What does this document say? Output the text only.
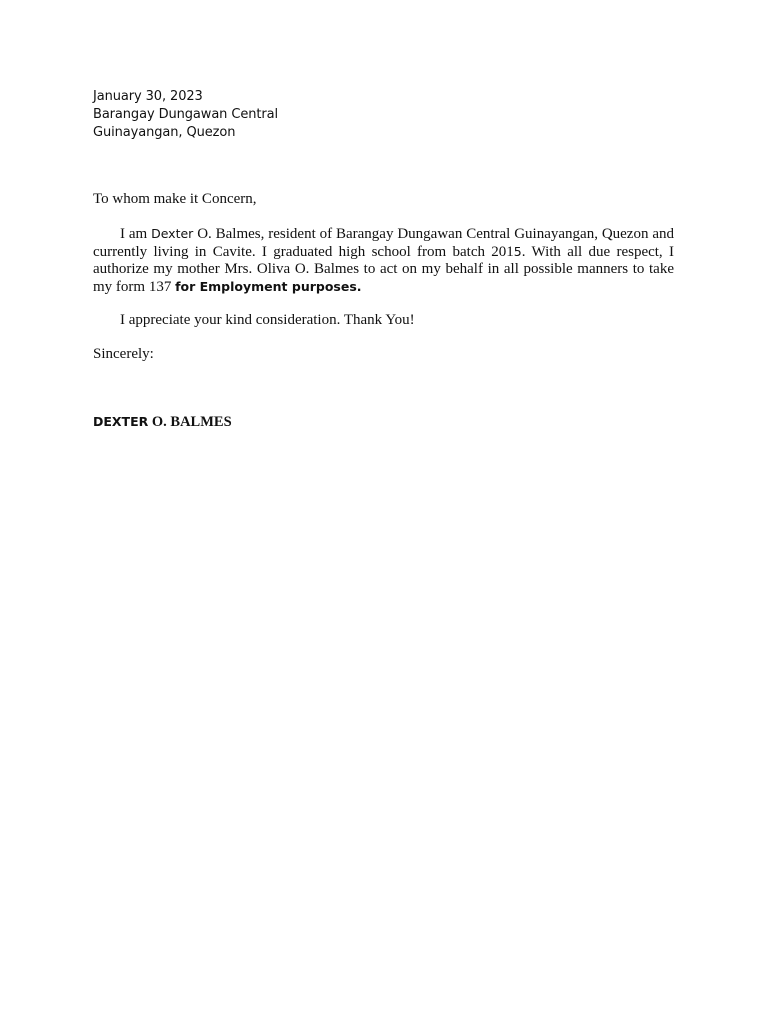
January 30, 2023
Barangay Dungawan Central
Guinayangan, Quezon
To whom make it Concern,
I am Dexter O. Balmes, resident of Barangay Dungawan Central Guinayangan, Quezon and currently living in Cavite. I graduated high school from batch 2015. With all due respect, I authorize my mother Mrs. Oliva O. Balmes to act on my behalf in all possible manners to take my form 137 for Employment purposes.
I appreciate your kind consideration. Thank You!
Sincerely:
DEXTER O. BALMES
